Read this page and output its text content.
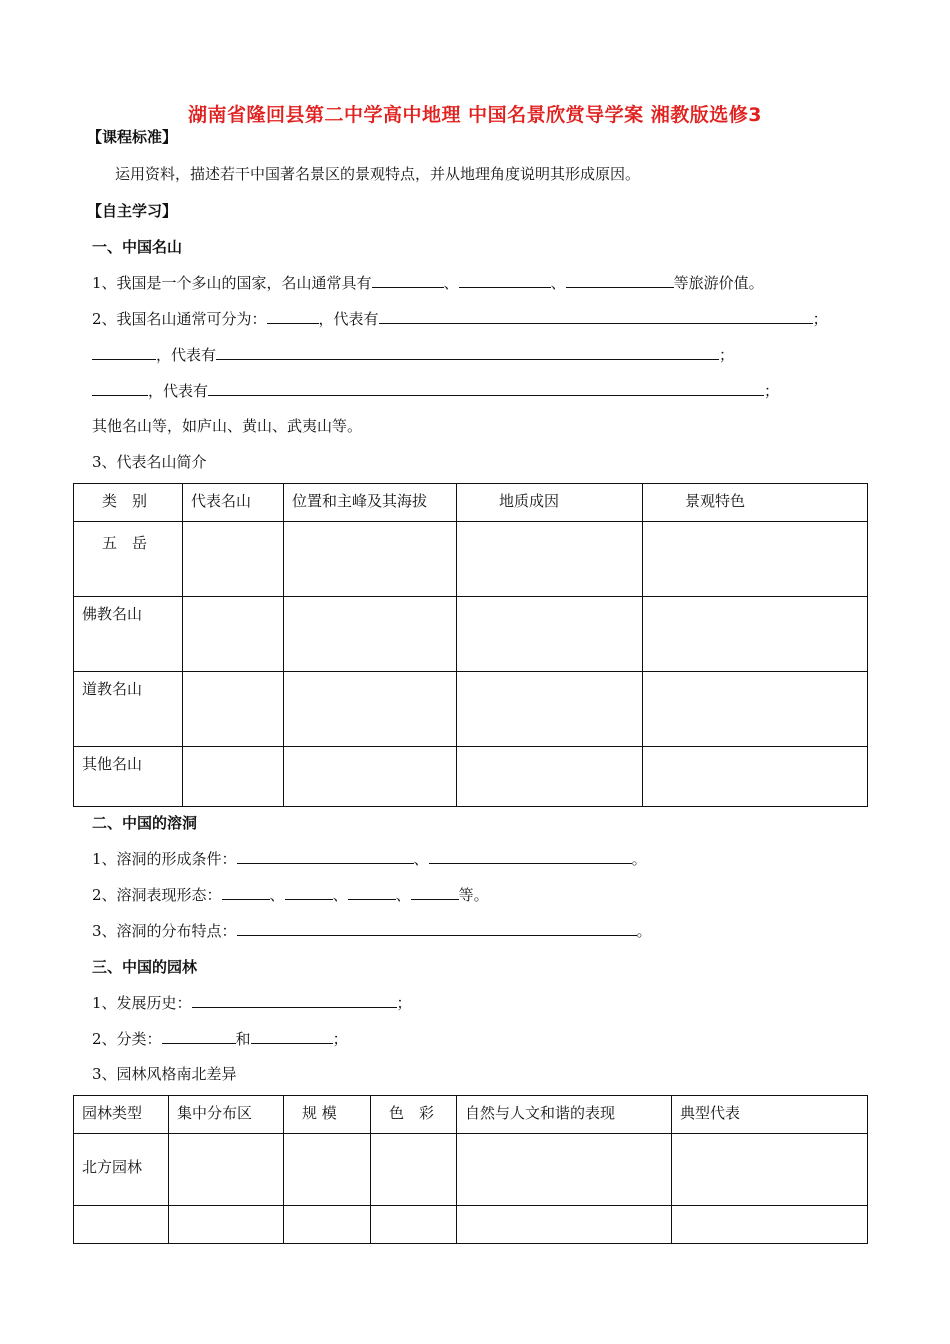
湖南省隆回县第二中学高中地理 中国名景欣赏导学案 湘教版选修3
【课程标准】
运用资料，描述若干中国著名景区的景观特点，并从地理角度说明其形成原因。
【自主学习】
一、中国名山
1、我国是一个多山的国家，名山通常具有	、	、	等旅游价值。
2、我国名山通常可分为：	，代表有	；
，代表有	；
，代表有	；
其他名山等，如庐山、黄山、武夷山等。
3、代表名山简介
类　别	代表名山	位置和主峰及其海拔	地质成因	景观特色
五　岳				
佛教名山				
道教名山				
其他名山				
二、中国的溶洞
1、溶洞的形成条件：	、	。
2、溶洞表现形态：	、	、	、	等。
3、溶洞的分布特点：	。
三、中国的园林
1、发展历史：	；
2、分类：	和	；
3、园林风格南北差异
园林类型	集中分布区	规 模	色　彩	自然与人文和谐的表现	典型代表
北方园林					
